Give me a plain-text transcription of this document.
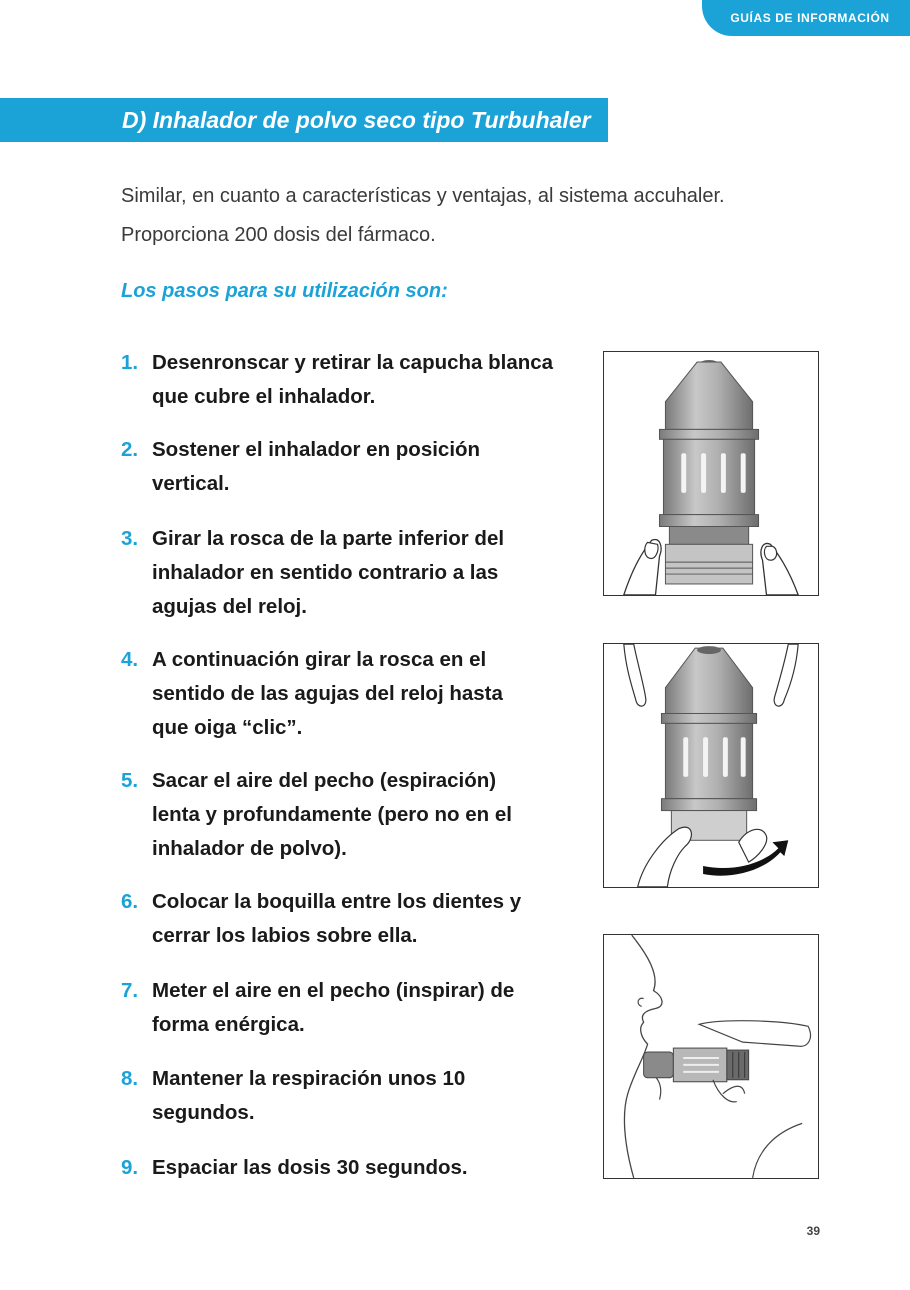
GUÍAS DE INFORMACIÓN
D) Inhalador de polvo seco tipo Turbuhaler

Similar, en cuanto a características y ventajas, al sistema accuhaler.

Proporciona 200 dosis del fármaco.

Los pasos para su utilización son:
1. Desenronscar y retirar la capucha blanca que cubre el inhalador.
2. Sostener el inhalador en posición vertical.
3. Girar la rosca de la parte inferior del inhalador en sentido contrario a las agujas del reloj.
4. A continuación girar la rosca en el sentido de las agujas del reloj hasta que oiga “clic”.
5. Sacar el aire del pecho (espiración) lenta y profundamente (pero no en el inhalador de polvo).
6. Colocar la boquilla entre los dientes y cerrar los labios sobre ella.
7. Meter el aire en el pecho (inspirar) de forma enérgica.
8. Mantener la respiración unos 10 segundos.
9. Espaciar las dosis 30 segundos.
39
